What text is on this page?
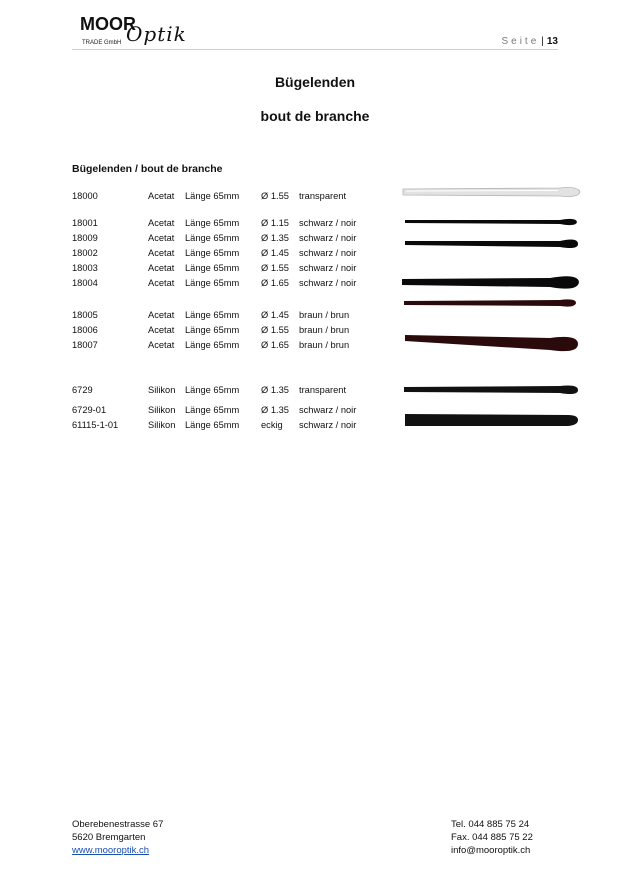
MOOR
Optik
TRADE GmbH	Seite | 13
Bügelenden
bout de branche
Bügelenden / bout de branche
18000	Acetat Länge 65mm Ø 1.55 transparent
18001	Acetat Länge 65mm Ø 1.15 schwarz / noir
18009	Acetat Länge 65mm Ø 1.35 schwarz / noir
18002	Acetat Länge 65mm Ø 1.45 schwarz / noir
18003	Acetat Länge 65mm Ø 1.55 schwarz / noir
18004	Acetat Länge 65mm Ø 1.65 schwarz / noir
18005	Acetat Länge 65mm Ø 1.45 braun / brun
18006	Acetat Länge 65mm Ø 1.55 braun / brun
18007	Acetat Länge 65mm Ø 1.65 braun / brun
6729	Silikon Länge 65mm Ø 1.35 transparent
6729-01	Silikon Länge 65mm Ø 1.35 schwarz / noir
61115-1-01	Silikon Länge 65mm eckig schwarz / noir
Oberebenestrasse 67
5620 Bremgarten
www.mooroptik.ch
Tel. 044 885 75 24
Fax. 044 885 75 22
info@mooroptik.ch
